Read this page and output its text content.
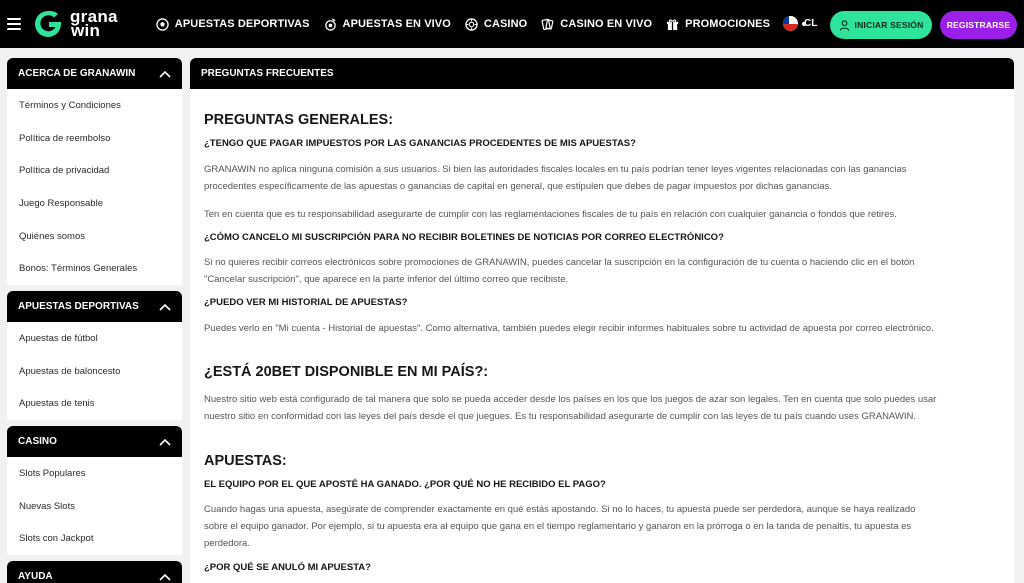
grana
win	APUESTAS DEPORTIVAS	APUESTAS EN VIVO	CASINO	CASINO EN VIVO	PROMOCIONES	CL	INICIAR SESIÓN	REGISTRARSE
ACERCA DE GRANAWIN
Términos y Condiciones
Política de reembolso
Política de privacidad
Juego Responsable
Quiénes somos
Bonos: Términos Generales
APUESTAS DEPORTIVAS
Apuestas de fútbol
Apuestas de baloncesto
Apuestas de tenis
CASINO
Slots Populares
Nuevas Slots
Slots con Jackpot
AYUDA
PREGUNTAS FRECUENTES
PREGUNTAS GENERALES:
¿TENGO QUE PAGAR IMPUESTOS POR LAS GANANCIAS PROCEDENTES DE MIS APUESTAS?
GRANAWIN no aplica ninguna comisión a sus usuarios. Si bien las autoridades fiscales locales en tu país podrían tener leyes vigentes relacionadas con las ganancias
procedentes específicamente de las apuestas o ganancias de capital en general, que estipulen que debes de pagar impuestos por dichas ganancias.
Ten en cuenta que es tu responsabilidad asegurarte de cumplir con las reglamentaciones fiscales de tu país en relación con cualquier ganancia o fondos que retires.
¿CÓMO CANCELO MI SUSCRIPCIÓN PARA NO RECIBIR BOLETINES DE NOTICIAS POR CORREO ELECTRÓNICO?
Si no quieres recibir correos electrónicos sobre promociones de GRANAWIN, puedes cancelar la suscripción en la configuración de tu cuenta o haciendo clic en el botón
"Cancelar suscripción", que aparece en la parte inferior del último correo que recibiste.
¿PUEDO VER MI HISTORIAL DE APUESTAS?
Puedes verlo en "Mi cuenta - Historial de apuestas". Como alternativa, también puedes elegir recibir informes habituales sobre tu actividad de apuesta por correo electrónico.
¿ESTÁ 20BET DISPONIBLE EN MI PAÍS?:
Nuestro sitio web está configurado de tal manera que solo se pueda acceder desde los países en los que los juegos de azar son legales. Ten en cuenta que solo puedes usar
nuestro sitio en conformidad con las leyes del país desde el que juegues. Es tu responsabilidad asegurarte de cumplir con las leyes de tu país cuando uses GRANAWIN.
APUESTAS:
EL EQUIPO POR EL QUE APOSTÉ HA GANADO. ¿POR QUÉ NO HE RECIBIDO EL PAGO?
Cuando hagas una apuesta, asegúrate de comprender exactamente en qué estás apostando. Si no lo haces, tu apuesta puede ser perdedora, aunque se haya realizado
sobre el equipo ganador. Por ejemplo, si tu apuesta era al equipo que gana en el tiempo reglamentario y ganaron en la prórroga o en la tanda de penaltis, tu apuesta es
perdedora.
¿POR QUÉ SE ANULÓ MI APUESTA?
